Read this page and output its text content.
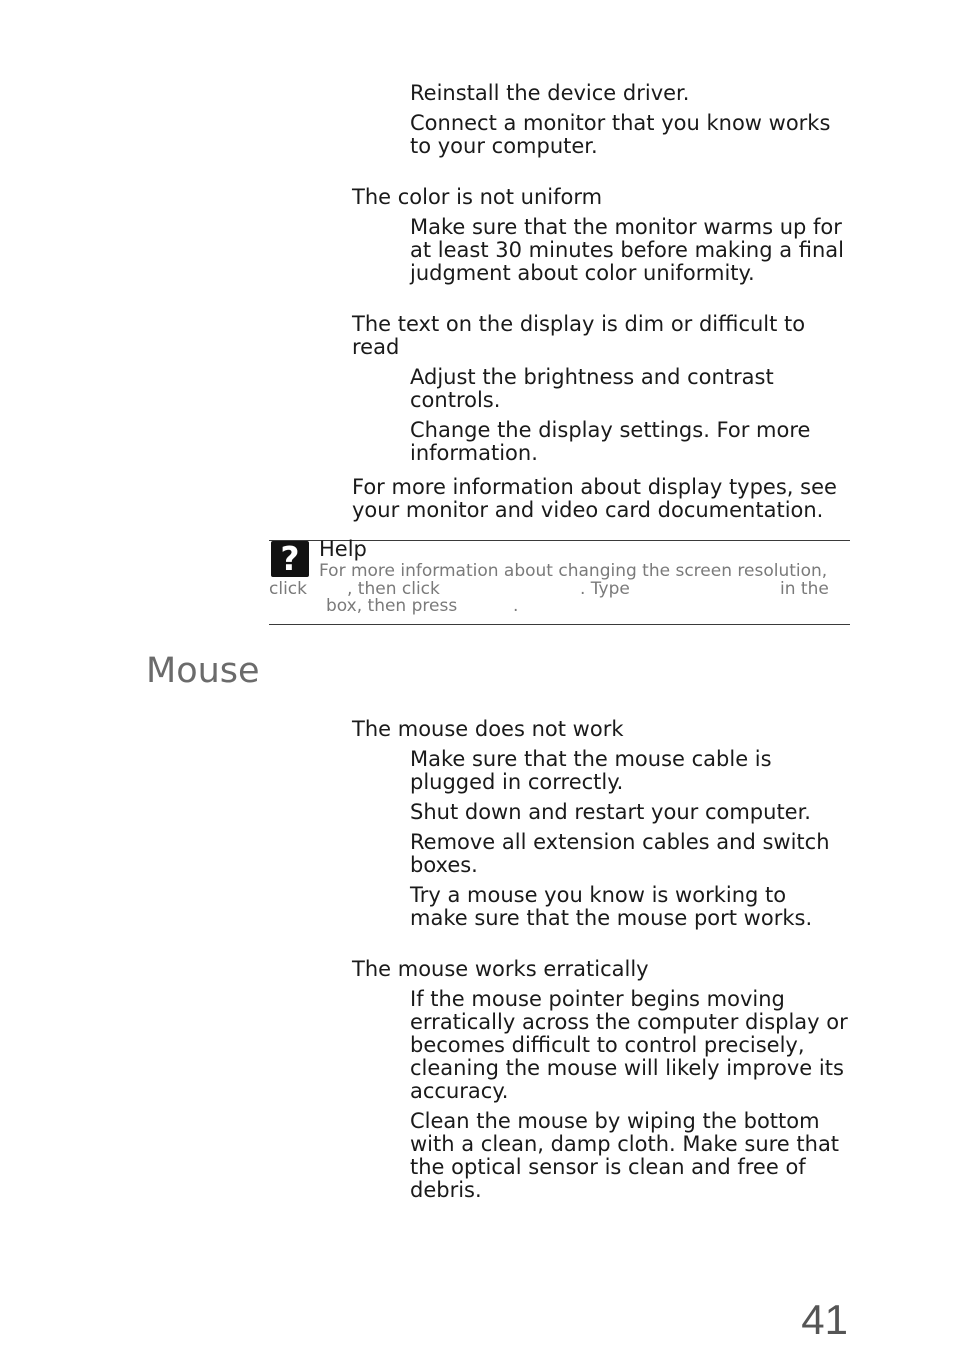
Reinstall the device driver.
Connect a monitor that you know works
to your computer.
The color is not uniform
Make sure that the monitor warms up for
at least 30 minutes before making a final
judgment about color uniformity.
The text on the display is dim or difficult to
read
Adjust the brightness and contrast
controls.
Change the display settings. For more
information.
For more information about display types, see
your monitor and video card documentation.
? Help
For more information about changing the screen resolution,
click , then click	. Type	in the
box, then press	.
Mouse
The mouse does not work
Make sure that the mouse cable is
plugged in correctly.
Shut down and restart your computer.
Remove all extension cables and switch
boxes.
Try a mouse you know is working to
make sure that the mouse port works.
The mouse works erratically
If the mouse pointer begins moving
erratically across the computer display or
becomes difficult to control precisely,
cleaning the mouse will likely improve its
accuracy.
Clean the mouse by wiping the bottom
with a clean, damp cloth. Make sure that
the optical sensor is clean and free of
debris.
41
